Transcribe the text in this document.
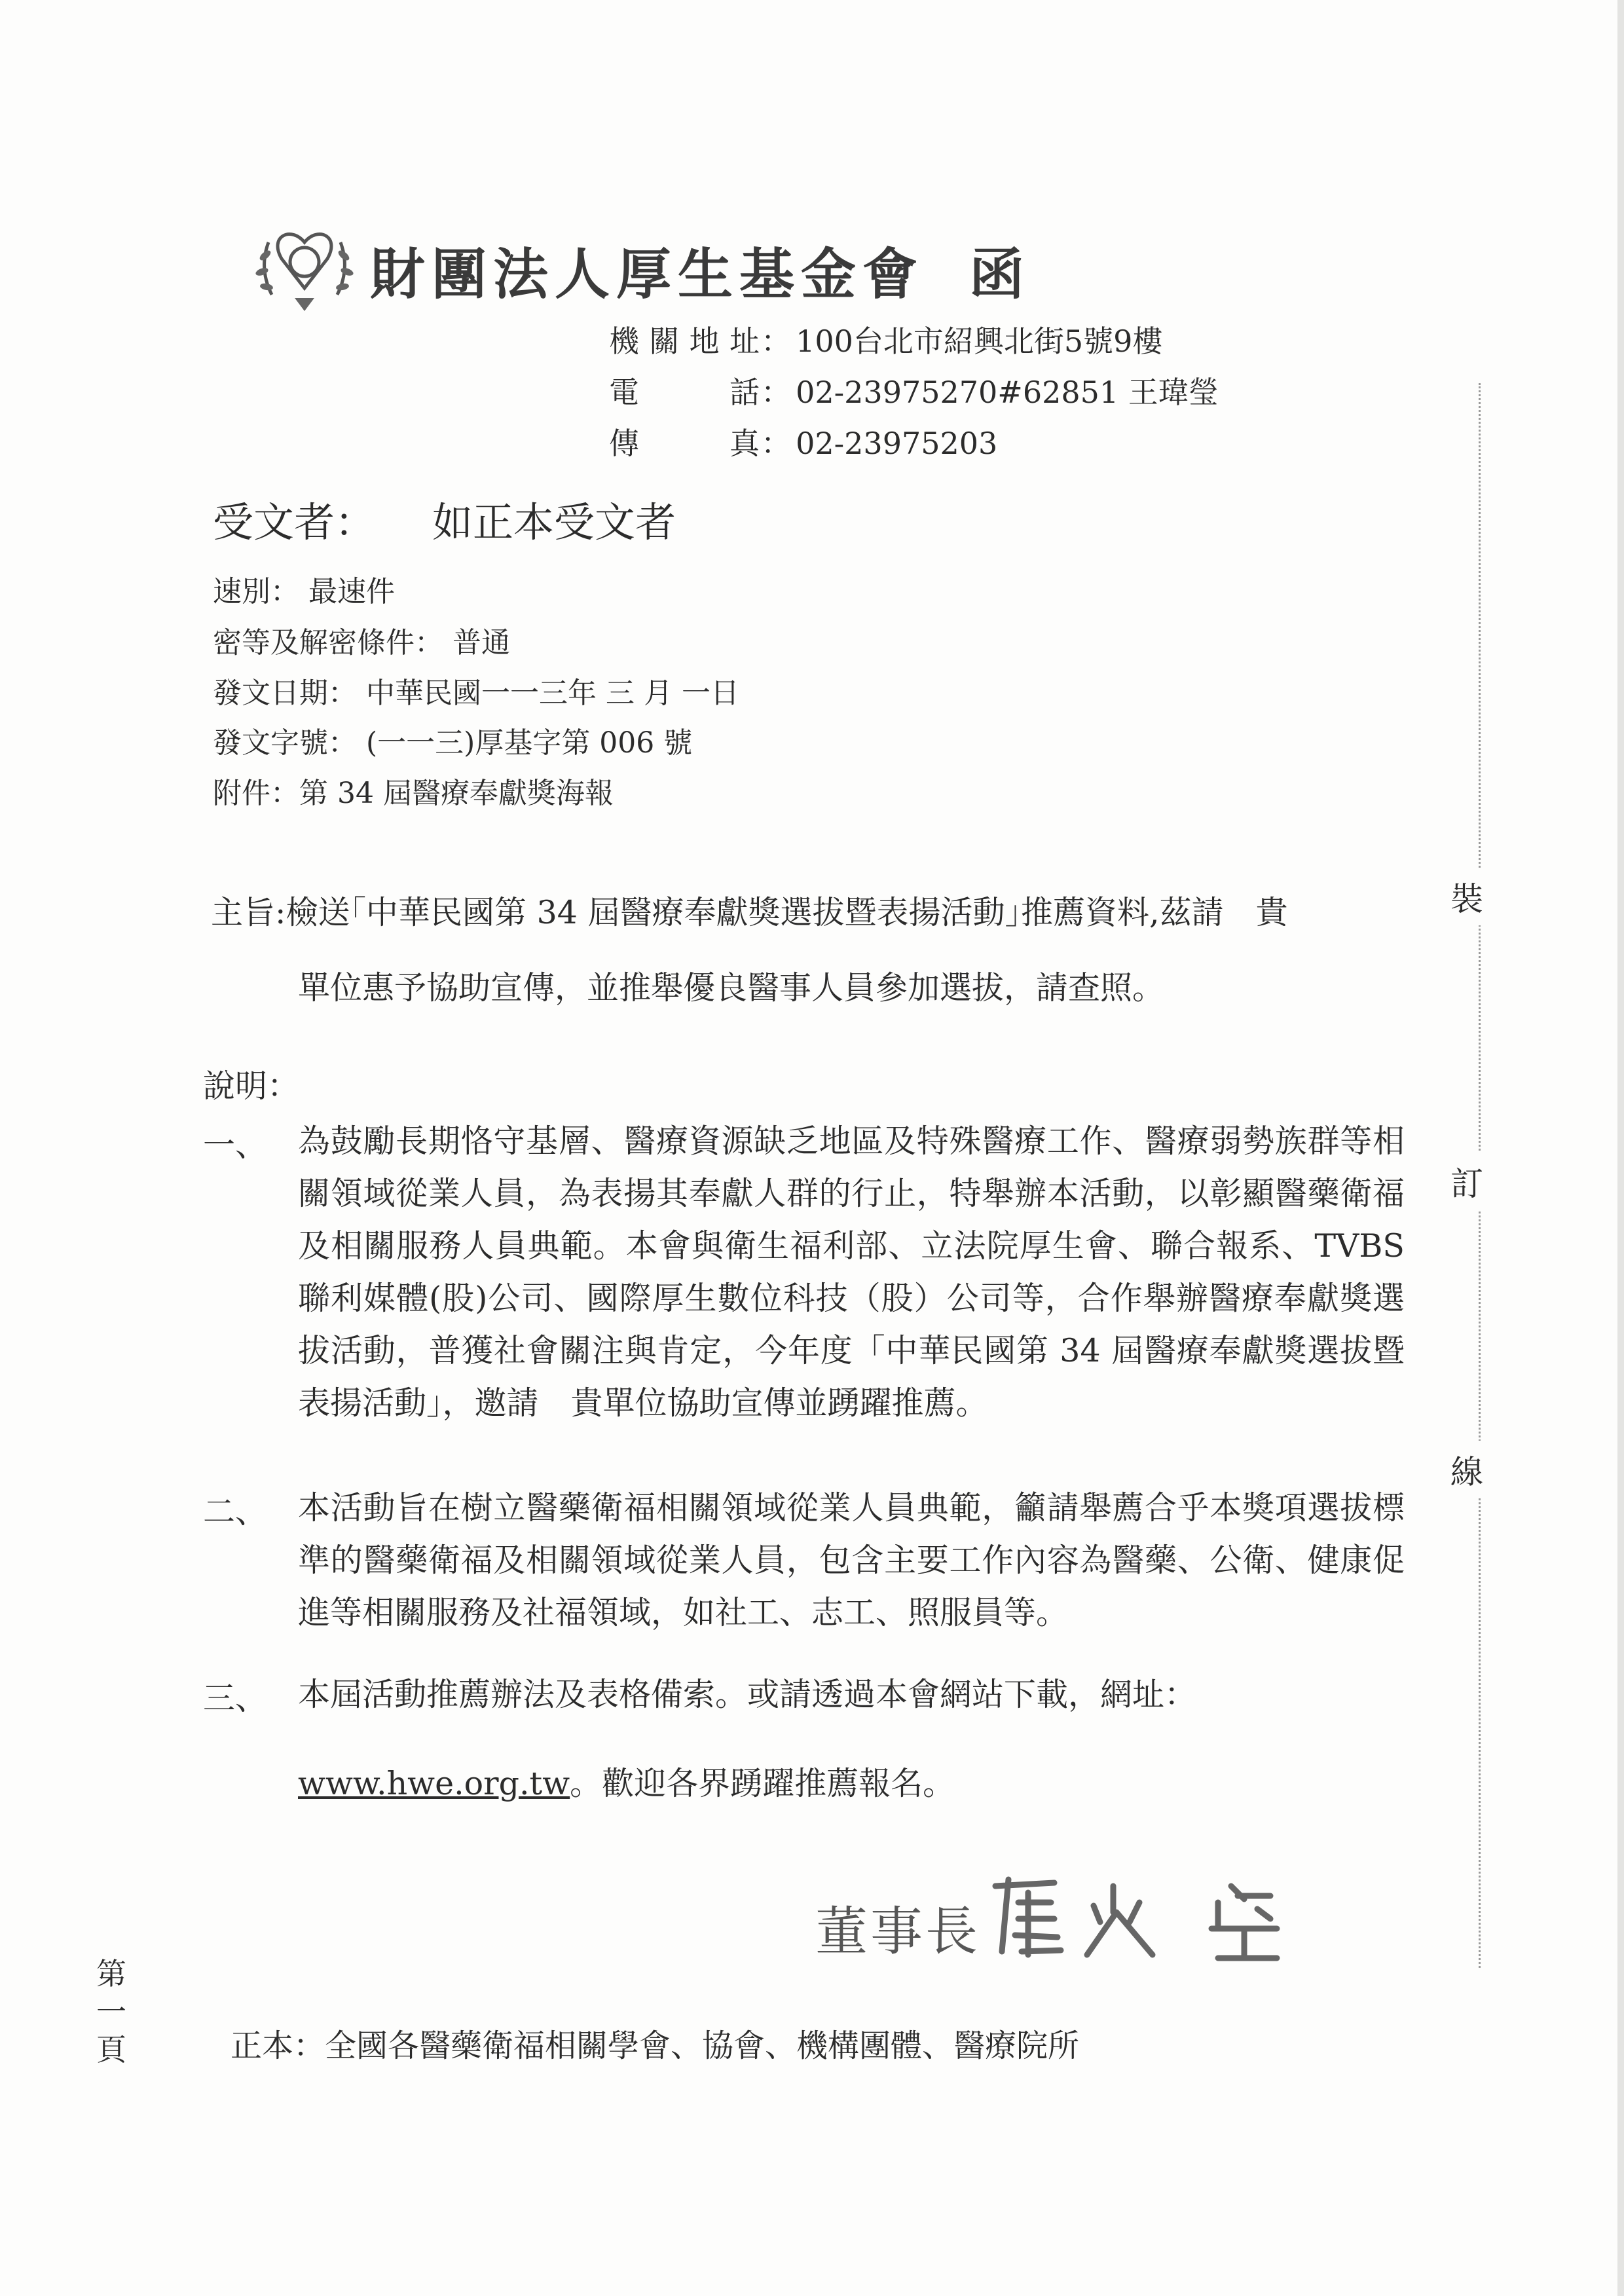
財團法人厚生基金會 函
機關地址： 100台北市紹興北街5號9樓
電話： 02-23975270#62851 王瑋瑩
傳真： 02-23975203
受文者： 如正本受文者
速別： 最速件
密等及解密條件： 普通
發文日期： 中華民國一一三年 三 月 一日
發文字號： (一一三)厚基字第 006 號
附件：第 34 屆醫療奉獻獎海報
主旨:檢送｢中華民國第 34 屆醫療奉獻獎選拔暨表揚活動｣推薦資料,茲請　貴
單位惠予協助宣傳，並推舉優良醫事人員參加選拔，請查照。
說明：
一、 為鼓勵長期恪守基層、醫療資源缺乏地區及特殊醫療工作、醫療弱勢族群等相關領域從業人員，為表揚其奉獻人群的行止，特舉辦本活動，以彰顯醫藥衛福及相關服務人員典範。本會與衛生福利部、立法院厚生會、聯合報系、TVBS 聯利媒體(股)公司、國際厚生數位科技（股）公司等，合作舉辦醫療奉獻獎選拔活動，普獲社會關注與肯定，今年度「中華民國第 34 屆醫療奉獻獎選拔暨表揚活動」，邀請　貴單位協助宣傳並踴躍推薦。
二、 本活動旨在樹立醫藥衛福相關領域從業人員典範，籲請舉薦合乎本獎項選拔標準的醫藥衛福及相關領域從業人員，包含主要工作內容為醫藥、公衛、健康促進等相關服務及社福領域，如社工、志工、照服員等。
三、 本屆活動推薦辦法及表格備索。或請透過本會網站下載，網址：
www.hwe.org.tw。歡迎各界踴躍推薦報名。
裝
訂
線
董事長
第一頁	正本：全國各醫藥衛福相關學會、協會、機構團體、醫療院所
